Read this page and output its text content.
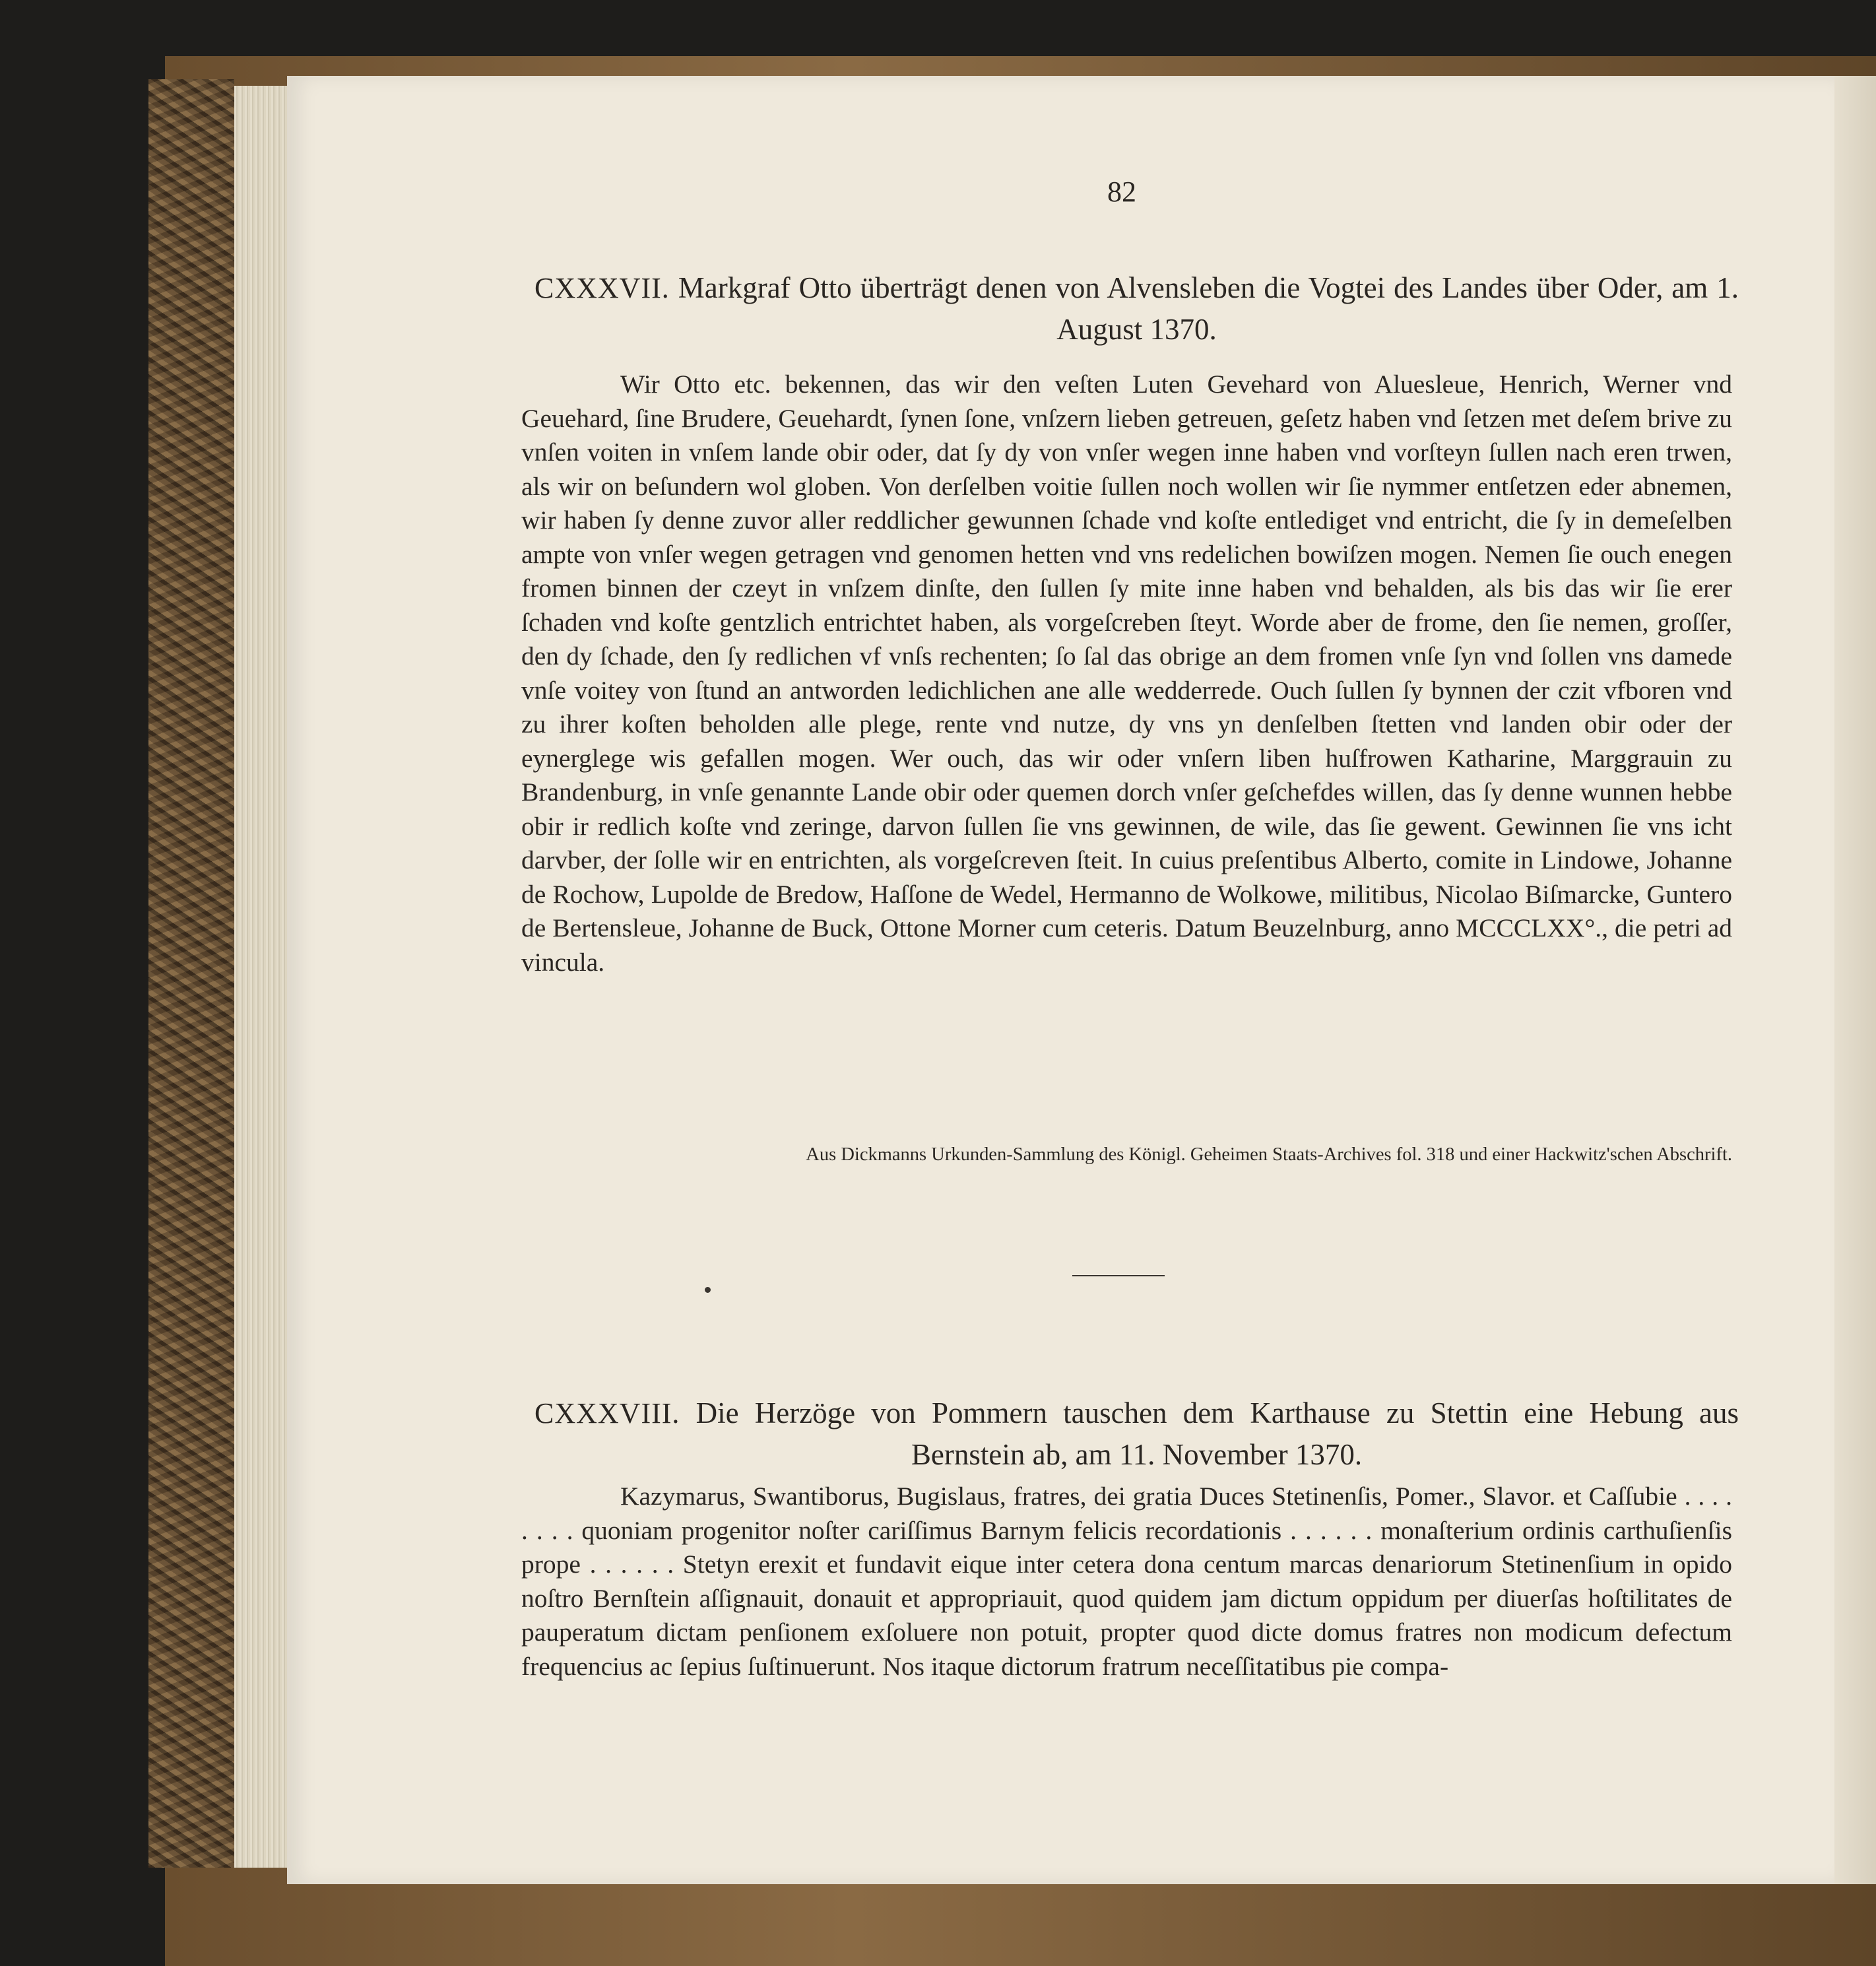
82
CXXXVII. Markgraf Otto überträgt denen von Alvensleben die Vogtei des Landes über Oder, am 1. August 1370.

Wir Otto etc. bekennen, das wir den veſten Luten Gevehard von Aluesleue, Henrich, Werner vnd Geuehard, ſine Brudere, Geuehardt, ſynen ſone, vnſzern lieben getreuen, geſetz haben vnd ſetzen met deſem brive zu vnſen voiten in vnſem lande obir oder, dat ſy dy von vnſer wegen inne haben vnd vorſteyn ſullen nach eren trwen, als wir on beſundern wol globen. Von derſelben voitie ſullen noch wollen wir ſie nymmer entſetzen eder abnemen, wir haben ſy denne zuvor aller reddlicher gewunnen ſchade vnd koſte entlediget vnd entricht, die ſy in demeſelben ampte von vnſer wegen getragen vnd genomen hetten vnd vns redelichen bowiſzen mogen. Nemen ſie ouch enegen fromen binnen der czeyt in vnſzem dinſte, den ſullen ſy mite inne haben vnd behalden, als bis das wir ſie erer ſchaden vnd koſte gentzlich entrichtet haben, als vorgeſcreben ſteyt. Worde aber de frome, den ſie nemen, groſſer, den dy ſchade, den ſy redlichen vf vnſs rechenten; ſo ſal das obrige an dem fromen vnſe ſyn vnd ſollen vns damede vnſe voitey von ſtund an antworden ledichlichen ane alle wedderrede. Ouch ſullen ſy bynnen der czit vfboren vnd zu ihrer koſten beholden alle plege, rente vnd nutze, dy vns yn denſelben ſtetten vnd landen obir oder der eynerglege wis gefallen mogen. Wer ouch, das wir oder vnſern liben huſfrowen Katharine, Marggrauin zu Brandenburg, in vnſe genannte Lande obir oder quemen dorch vnſer geſchefdes willen, das ſy denne wunnen hebbe obir ir redlich koſte vnd zeringe, darvon ſullen ſie vns gewinnen, de wile, das ſie gewent. Gewinnen ſie vns icht darvber, der ſolle wir en entrichten, als vorgeſcreven ſteit. In cuius preſentibus Alberto, comite in Lindowe, Johanne de Rochow, Lupolde de Bredow, Haſſone de Wedel, Hermanno de Wolkowe, militibus, Nicolao Biſmarcke, Guntero de Bertensleue, Johanne de Buck, Ottone Morner cum ceteris. Datum Beuzelnburg, anno MCCCLXX°., die petri ad vincula.

Aus Dickmanns Urkunden-Sammlung des Königl. Geheimen Staats-Archives fol. 318 und einer Hackwitz'schen Abschrift.
CXXXVIII. Die Herzöge von Pommern tauschen dem Karthause zu Stettin eine Hebung aus Bernstein ab, am 11. November 1370.

Kazymarus, Swantiborus, Bugislaus, fratres, dei gratia Duces Stetinenſis, Pomer., Slavor. et Caſſubie . . . . . . . . quoniam progenitor noſter cariſſimus Barnym felicis recordationis . . . . . . monaſterium ordinis carthuſienſis prope . . . . . . Stetyn erexit et fundavit eique inter cetera dona centum marcas denariorum Stetinenſium in opido noſtro Bernſtein aſſignauit, donauit et appropriauit, quod quidem jam dictum oppidum per diuerſas hoſtilitates de pauperatum dictam penſionem exſoluere non potuit, propter quod dicte domus fratres non modicum defectum frequencius ac ſepius ſuſtinuerunt. Nos itaque dictorum fratrum neceſſitatibus pie compa-
